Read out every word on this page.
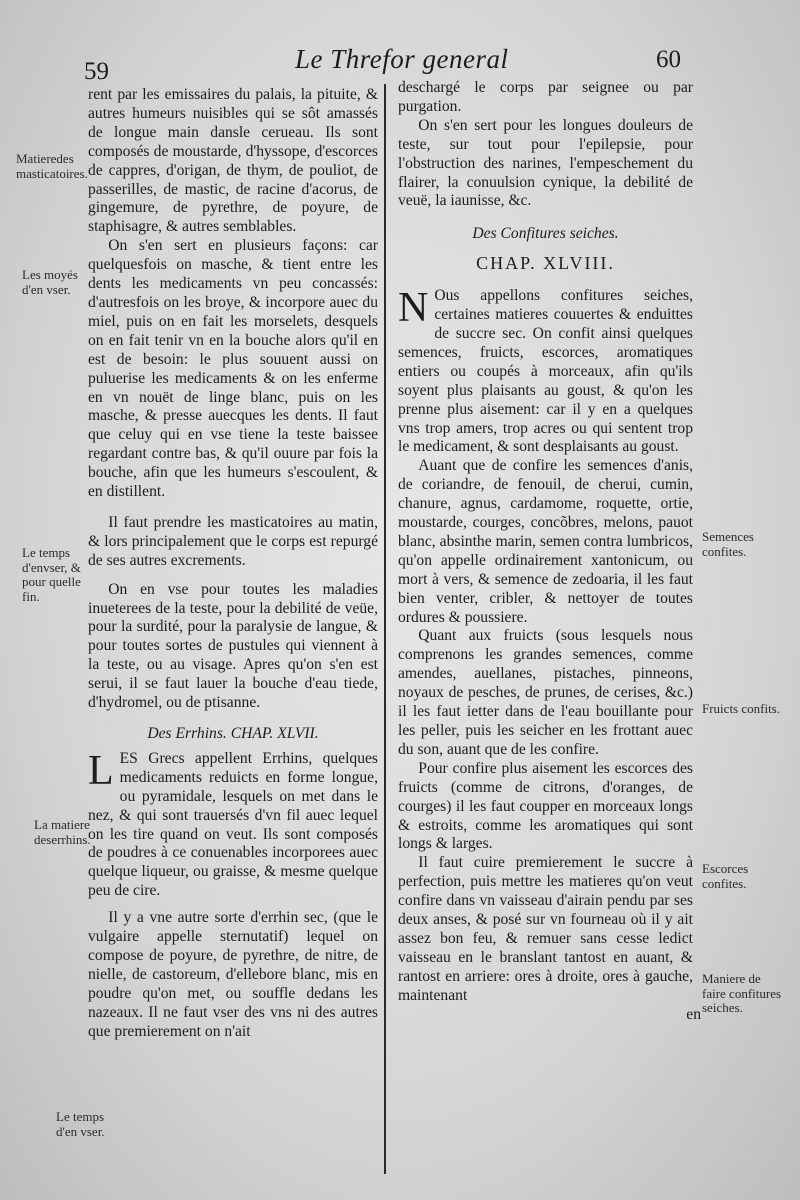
59	Le Threfor general	60

rent par les emissaires du palais, la pituite, & autres humeurs nuisibles qui se sôt amassés de longue main dansle cerueau. Ils sont composés de moustarde, d'hyssope, d'escorces de cappres, d'origan, de thym, de pouliot, de passerilles, de mastic, de racine d'acorus, de gingemure, de pyrethre, de poyure, de staphisagre, & autres semblables.

On s'en sert en plusieurs façons: car quelquesfois on masche, & tient entre les dents les medicaments vn peu concassés: d'autresfois on les broye, & incorpore auec du miel, puis on en fait les morselets, desquels on en fait tenir vn en la bouche alors qu'il en est de besoin: le plus souuent aussi on puluerise les medicaments & on les enferme en vn nouët de linge blanc, puis on les masche, & presse auecques les dents. Il faut que celuy qui en vse tiene la teste baissee regardant contre bas, & qu'il ouure par fois la bouche, afin que les humeurs s'escoulent, & en distillent.

Il faut prendre les masticatoires au matin, & lors principalement que le corps est repurgé de ses autres excrements.

On en vse pour toutes les maladies inueterees de la teste, pour la debilité de veüe, pour la surdité, pour la paralysie de langue, & pour toutes sortes de pustules qui viennent à la teste, ou au visage. Apres qu'on s'en est serui, il se faut lauer la bouche d'eau tiede, d'hydromel, ou de ptisanne.

Des Errhins. CHAP. XLVII.

LES Grecs appellent Errhins, quelques medicaments reduicts en forme longue, ou pyramidale, lesquels on met dans le nez, & qui sont trauersés d'vn fil auec lequel on les tire quand on veut. Ils sont composés de poudres à ce conuenables incorporees auec quelque liqueur, ou graisse, & mesme quelque peu de cire.

Il y a vne autre sorte d'errhin sec, (que le vulgaire appelle sternutatif) lequel on compose de poyure, de pyrethre, de nitre, de nielle, de castoreum, d'ellebore blanc, mis en poudre qu'on met, ou souffle dedans les nazeaux. Il ne faut vser des vns ni des autres que premierement on n'ait

deschargé le corps par seignee ou par purgation.

On s'en sert pour les longues douleurs de teste, sur tout pour l'epilepsie, pour l'obstruction des narines, l'empeschement du flairer, la conuulsion cynique, la debilité de veuë, la iaunisse, &c.

Des Confitures seiches.
CHAP. XLVIII.

N Ous appellons confitures seiches, certaines matieres couuertes & enduittes de succre sec. On confit ainsi quelques semences, fruicts, escorces, aromatiques entiers ou coupés à morceaux, afin qu'ils soyent plus plaisants au goust, & qu'on les prenne plus aisement: car il y en a quelques vns trop amers, trop acres ou qui sentent trop le medicament, & sont desplaisants au goust.

Auant que de confire les semences d'anis, de coriandre, de fenouil, de cherui, cumin, chanure, agnus, cardamome, roquette, ortie, moustarde, courges, concõbres, melons, pauot blanc, absinthe marin, semen contra lumbricos, qu'on appelle ordinairement xantonicum, ou mort à vers, & semence de zedoaria, il les faut bien venter, cribler, & nettoyer de toutes ordures & poussiere.

Quant aux fruicts (sous lesquels nous comprenons les grandes semences, comme amendes, auellanes, pistaches, pinneons, noyaux de pesches, de prunes, de cerises, &c.) il les faut ietter dans de l'eau bouillante pour les peller, puis les seicher en les frottant auec du son, auant que de les confire.

Pour confire plus aisement les escorces des fruicts (comme de citrons, d'oranges, de courges) il les faut coupper en morceaux longs & estroits, comme les aromatiques qui sont longs & larges.

Il faut cuire premierement le succre à perfection, puis mettre les matieres qu'on veut confire dans vn vaisseau d'airain pendu par ses deux anses, & posé sur vn fourneau où il y ait assez bon feu, & remuer sans cesse ledict vaisseau en le branslant tantost en auant, & rantost en arriere: ores à droite, ores à gauche, maintenant

en
Matieredes masticatoires.
Les moyés d'en vser.
Le temps d'envser, & pour quelle fin.
La matiere deserrhins.
Le temps d'en vser.
Semences confites.
Fruicts confits.
Escorces confites.
Maniere de faire confitures seiches.
